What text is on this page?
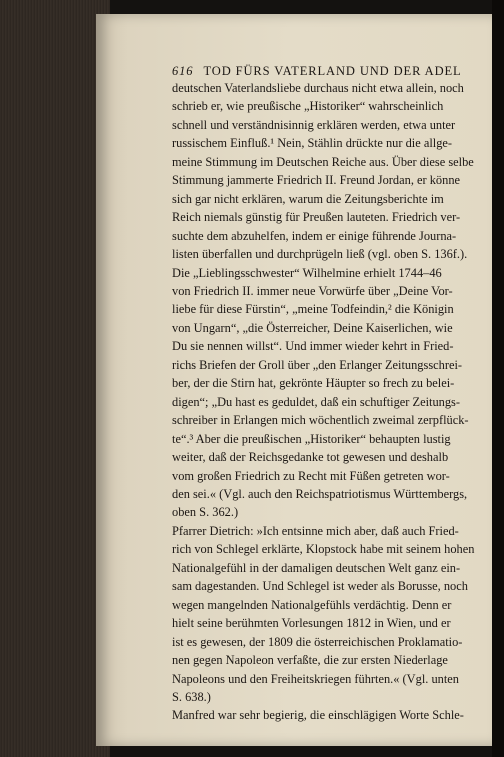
616 TOD FÜRS VATERLAND UND DER ADEL
deutschen Vaterlandsliebe durchaus nicht etwa allein, noch
schrieb er, wie preußische „Historiker“ wahrscheinlich
schnell und verständnisinnig erklären werden, etwa unter
russischem Einfluß.¹ Nein, Stählin drückte nur die allge-
meine Stimmung im Deutschen Reiche aus. Über diese selbe
Stimmung jammerte Friedrich II. Freund Jordan, er könne
sich gar nicht erklären, warum die Zeitungsberichte im
Reich niemals günstig für Preußen lauteten. Friedrich ver-
suchte dem abzuhelfen, indem er einige führende Journa-
listen überfallen und durchprügeln ließ (vgl. oben S. 136f.).
Die „Lieblingsschwester“ Wilhelmine erhielt 1744–46
von Friedrich II. immer neue Vorwürfe über „Deine Vor-
liebe für diese Fürstin“, „meine Todfeindin,² die Königin
von Ungarn“, „die Österreicher, Deine Kaiserlichen, wie
Du sie nennen willst“. Und immer wieder kehrt in Fried-
richs Briefen der Groll über „den Erlanger Zeitungsschrei-
ber, der die Stirn hat, gekrönte Häupter so frech zu belei-
digen“; „Du hast es geduldet, daß ein schuftiger Zeitungs-
schreiber in Erlangen mich wöchentlich zweimal zerpflück-
te“.³ Aber die preußischen „Historiker“ behaupten lustig
weiter, daß der Reichsgedanke tot gewesen und deshalb
vom großen Friedrich zu Recht mit Füßen getreten wor-
den sei.« (Vgl. auch den Reichspatriotismus Württembergs,
oben S. 362.)
Pfarrer Dietrich: »Ich entsinne mich aber, daß auch Fried-
rich von Schlegel erklärte, Klopstock habe mit seinem hohen
Nationalgefühl in der damaligen deutschen Welt ganz ein-
sam dagestanden. Und Schlegel ist weder als Borusse, noch
wegen mangelnden Nationalgefühls verdächtig. Denn er
hielt seine berühmten Vorlesungen 1812 in Wien, und er
ist es gewesen, der 1809 die österreichischen Proklamatio-
nen gegen Napoleon verfaßte, die zur ersten Niederlage
Napoleons und den Freiheitskriegen führten.« (Vgl. unten
S. 638.)
Manfred war sehr begierig, die einschlägigen Worte Schle-
